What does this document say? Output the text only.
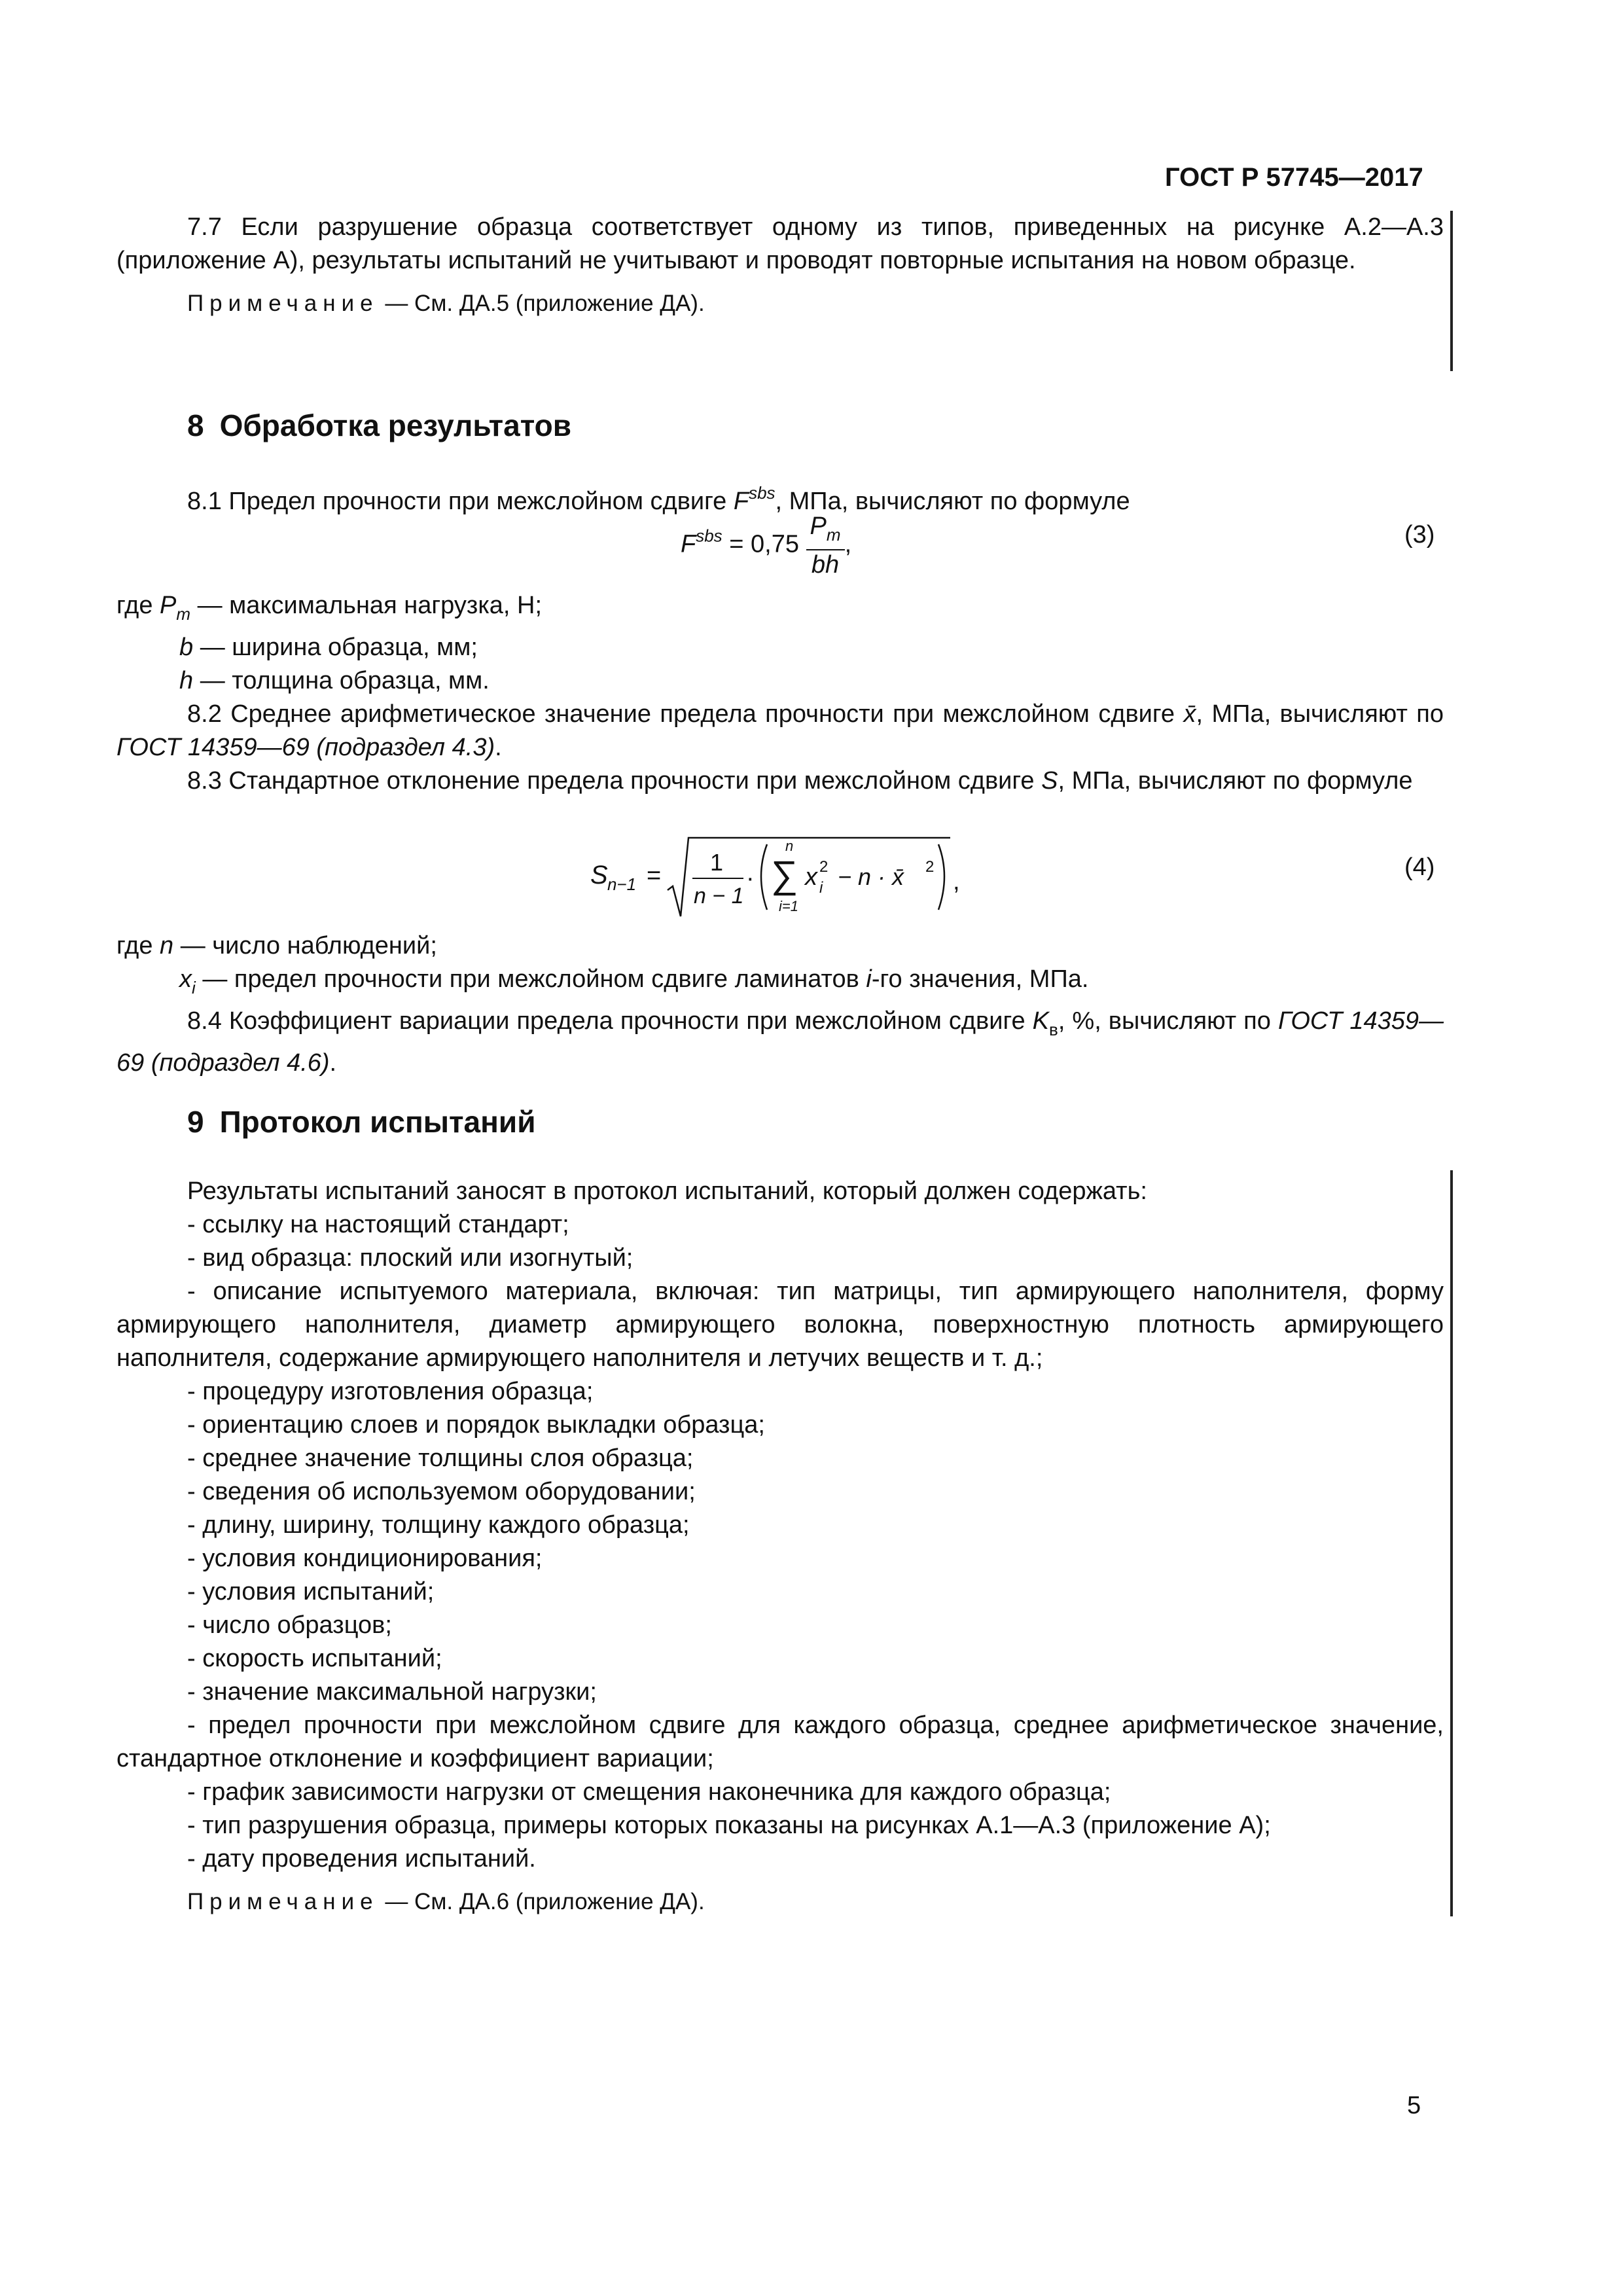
ГОСТ Р 57745—2017

7.7 Если разрушение образца соответствует одному из типов, приведенных на рисунке А.2—А.3 (приложение А), результаты испытаний не учитывают и проводят повторные испытания на новом образце.

Примечание — См. ДА.5 (приложение ДА).

8 Обработка результатов

8.1 Предел прочности при межслойном сдвиге $F^{sbs}$, МПа, вычисляют по формуле

$F^{sbs} = 0,75 \frac{P_m}{bh}$ ,	(3)

где $P_m$ — максимальная нагрузка, Н;

b — ширина образца, мм;

h — толщина образца, мм.

8.2 Среднее арифметическое значение предела прочности при межслойном сдвиге x̄, МПа, вычисляют по ГОСТ 14359—69 (подраздел 4.3).

8.3 Стандартное отклонение предела прочности при межслойном сдвиге S, МПа, вычисляют по формуле

S n−1 = 1
n − 1
·
n
∑
i=1
x 2
i − n · x̄ 2
,
(4)

где n — число наблюдений;

$x_i$ — предел прочности при межслойном сдвиге ламинатов i-го значения, МПа.

8.4 Коэффициент вариации предела прочности при межслойном сдвиге $K_в$, %, вычисляют по ГОСТ 14359—69 (подраздел 4.6).

9 Протокол испытаний

Результаты испытаний заносят в протокол испытаний, который должен содержать:

- ссылку на настоящий стандарт;

- вид образца: плоский или изогнутый;

- описание испытуемого материала, включая: тип матрицы, тип армирующего наполнителя, форму армирующего наполнителя, диаметр армирующего волокна, поверхностную плотность армирующего наполнителя, содержание армирующего наполнителя и летучих веществ и т. д.;

- процедуру изготовления образца;

- ориентацию слоев и порядок выкладки образца;

- среднее значение толщины слоя образца;

- сведения об используемом оборудовании;

- длину, ширину, толщину каждого образца;

- условия кондиционирования;

- условия испытаний;

- число образцов;

- скорость испытаний;

- значение максимальной нагрузки;

- предел прочности при межслойном сдвиге для каждого образца, среднее арифметическое значение, стандартное отклонение и коэффициент вариации;

- график зависимости нагрузки от смещения наконечника для каждого образца;

- тип разрушения образца, примеры которых показаны на рисунках А.1—А.3 (приложение А);

- дату проведения испытаний.

Примечание — См. ДА.6 (приложение ДА).

5
